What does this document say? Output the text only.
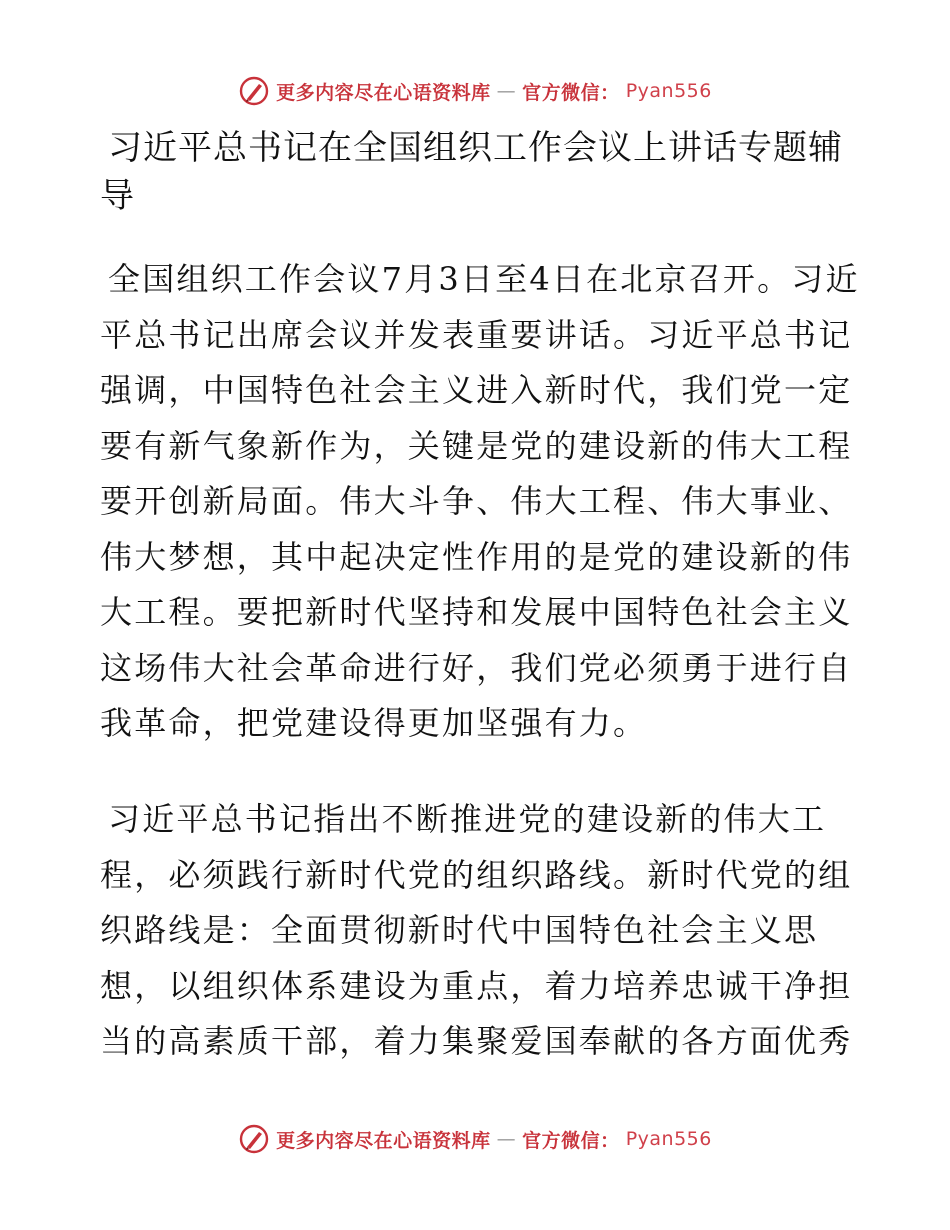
更多内容尽在心语资料库 — 官方微信： Pyan556
习近平总书记在全国组织工作会议上讲话专题辅导

全国组织工作会议7月3日至4日在北京召开。习近平总书记出席会议并发表重要讲话。习近平总书记强调，中国特色社会主义进入新时代，我们党一定要有新气象新作为，关键是党的建设新的伟大工程要开创新局面。伟大斗争、伟大工程、伟大事业、伟大梦想，其中起决定性作用的是党的建设新的伟大工程。要把新时代坚持和发展中国特色社会主义这场伟大社会革命进行好，我们党必须勇于进行自我革命，把党建设得更加坚强有力。

习近平总书记指出不断推进党的建设新的伟大工程，必须践行新时代党的组织路线。新时代党的组织路线是：全面贯彻新时代中国特色社会主义思想，以组织体系建设为重点，着力培养忠诚干净担当的高素质干部，着力集聚爱国奉献的各方面优秀

更多内容尽在心语资料库 — 官方微信： Pyan556
